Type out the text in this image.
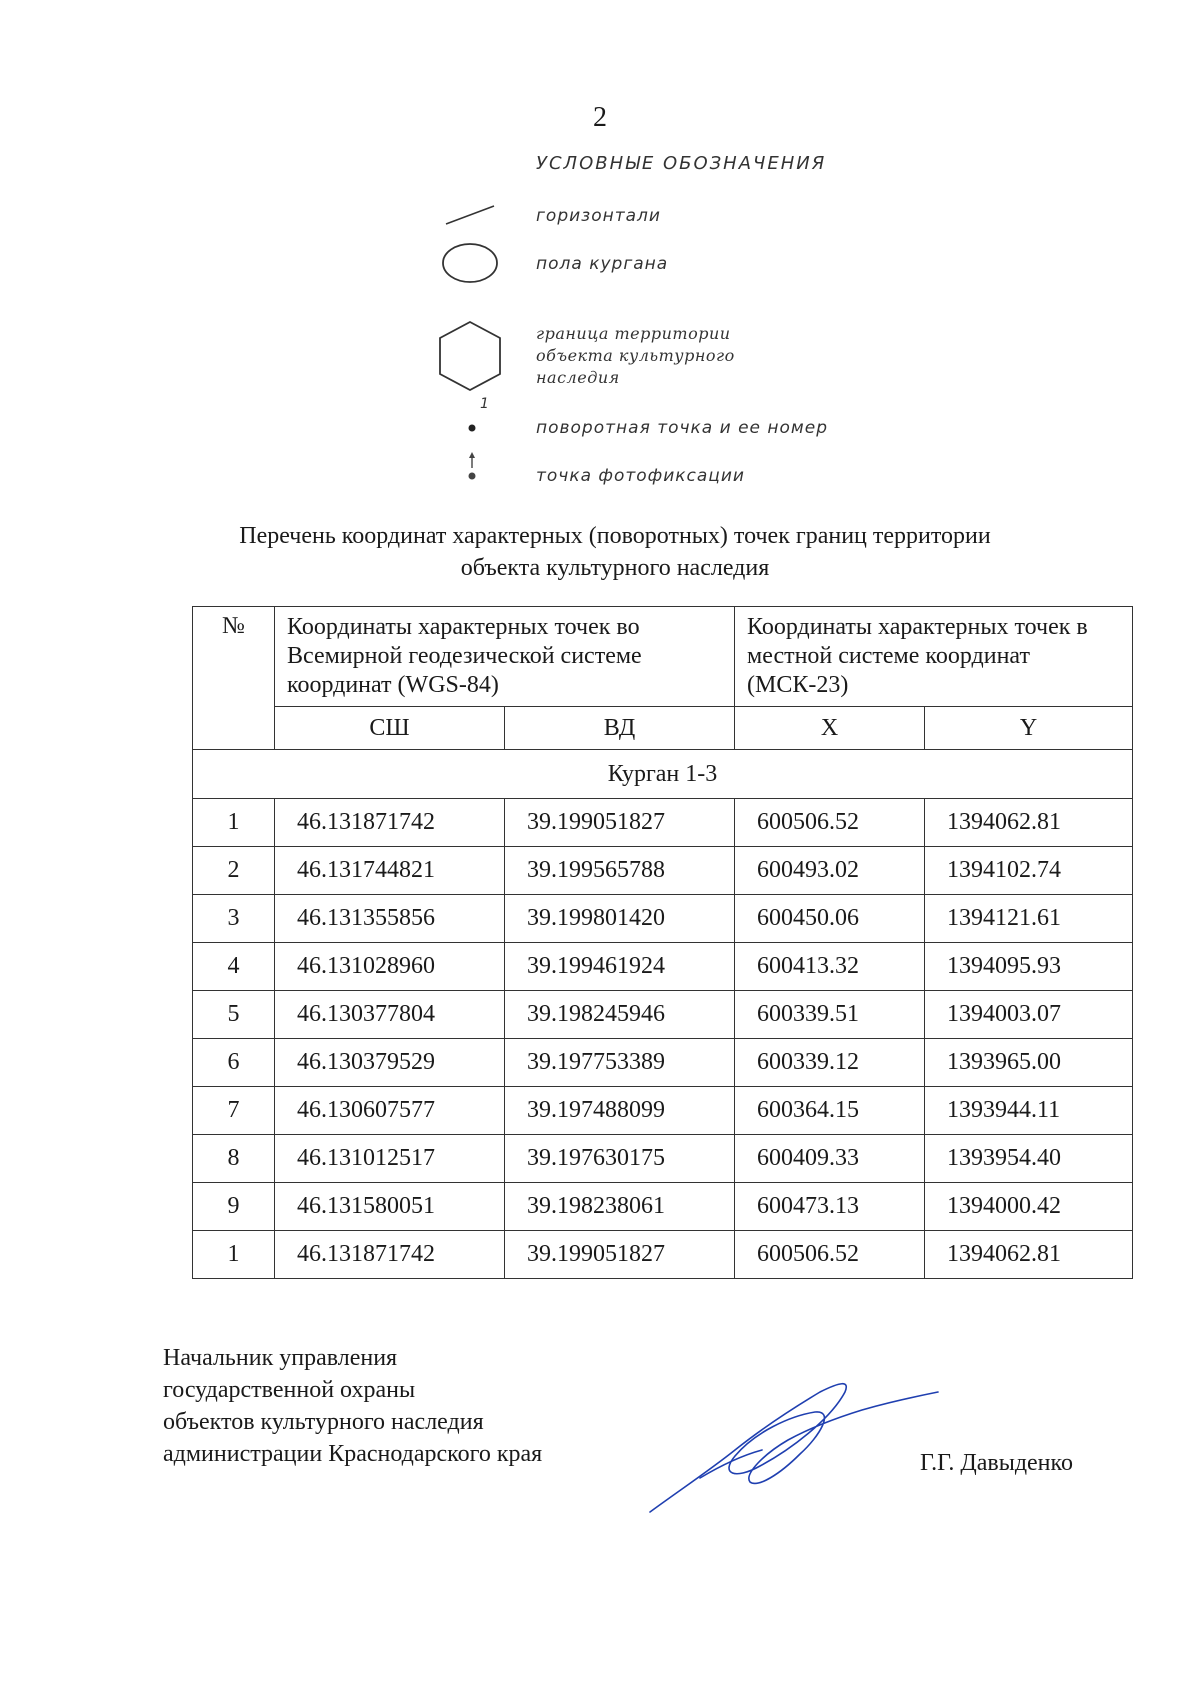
2
УСЛОВНЫЕ ОБОЗНАЧЕНИЯ
горизонтали
пола кургана
граница территории
объекта культурного
наследия
1
поворотная точка и ее номер
точка фотофиксации
Перечень координат характерных (поворотных) точек границ территории
объекта культурного наследия
№	Координаты характерных точек во Всемирной геодезической системе координат (WGS-84)		Координаты характерных точек в местной системе координат (МСК-23)	
	СШ	ВД	X	Y
Курган 1-3				
1	46.131871742	39.199051827	600506.52	1394062.81
2	46.131744821	39.199565788	600493.02	1394102.74
3	46.131355856	39.199801420	600450.06	1394121.61
4	46.131028960	39.199461924	600413.32	1394095.93
5	46.130377804	39.198245946	600339.51	1394003.07
6	46.130379529	39.197753389	600339.12	1393965.00
7	46.130607577	39.197488099	600364.15	1393944.11
8	46.131012517	39.197630175	600409.33	1393954.40
9	46.131580051	39.198238061	600473.13	1394000.42
1	46.131871742	39.199051827	600506.52	1394062.81
Начальник управления
государственной охраны
объектов культурного наследия
администрации Краснодарского края	Г.Г. Давыденко
